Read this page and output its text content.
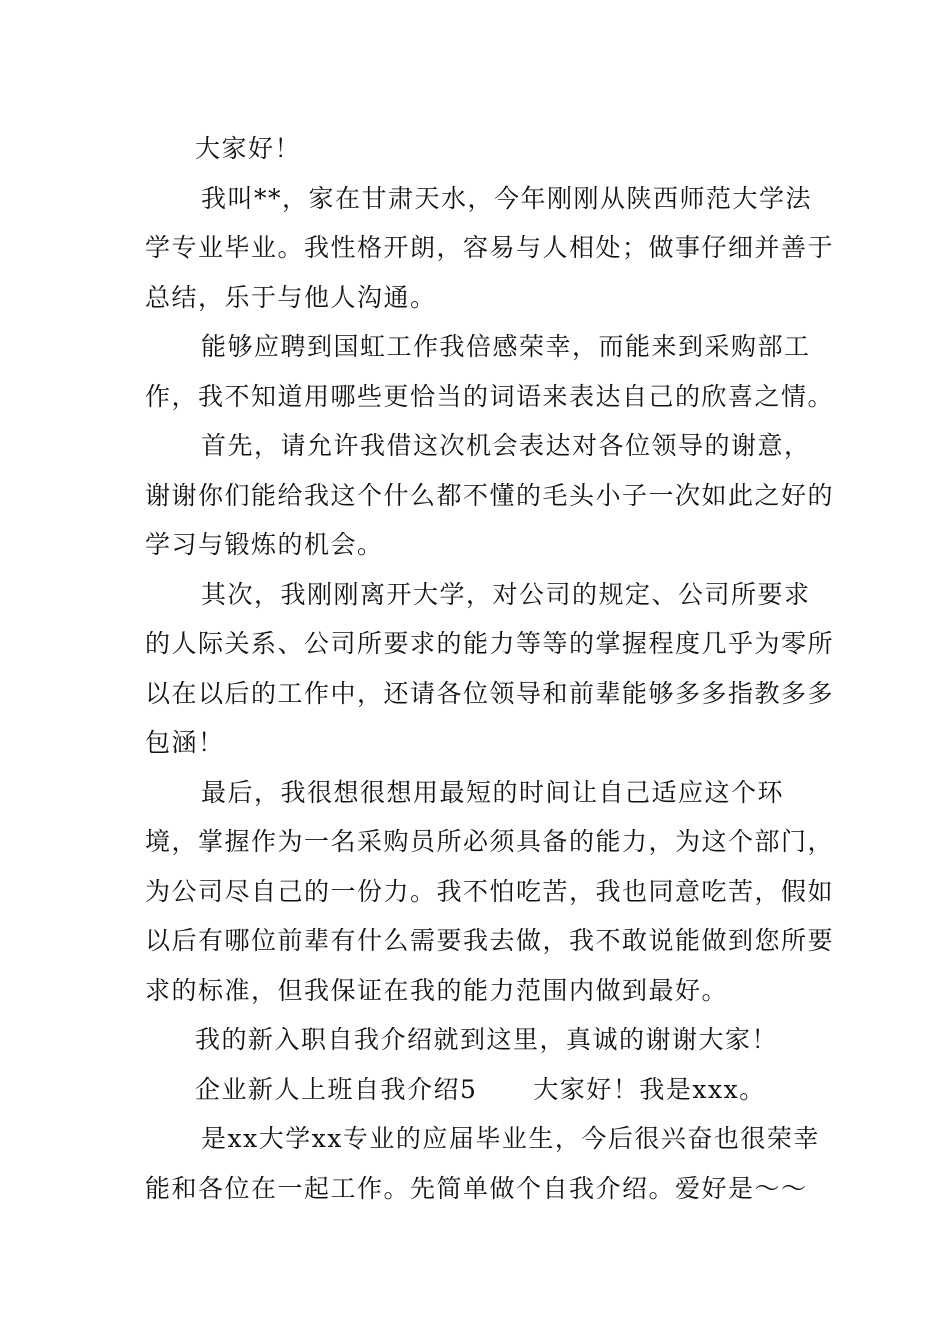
大家好！

我叫**，家在甘肃天水，今年刚刚从陕西师范大学法学专业毕业。我性格开朗，容易与人相处；做事仔细并善于总结，乐于与他人沟通。

能够应聘到国虹工作我倍感荣幸，而能来到采购部工作，我不知道用哪些更恰当的词语来表达自己的欣喜之情。

首先，请允许我借这次机会表达对各位领导的谢意，谢谢你们能给我这个什么都不懂的毛头小子一次如此之好的学习与锻炼的机会。

其次，我刚刚离开大学，对公司的规定、公司所要求的人际关系、公司所要求的能力等等的掌握程度几乎为零所以在以后的工作中，还请各位领导和前辈能够多多指教多多包涵！

最后，我很想很想用最短的时间让自己适应这个环境，掌握作为一名采购员所必须具备的能力，为这个部门，为公司尽自己的一份力。我不怕吃苦，我也同意吃苦，假如以后有哪位前辈有什么需要我去做，我不敢说能做到您所要求的标准，但我保证在我的能力范围内做到最好。

我的新入职自我介绍就到这里，真诚的谢谢大家！

企业新人上班自我介绍5 大家好！我是xxx。

是xx大学xx专业的应届毕业生，今后很兴奋也很荣幸能和各位在一起工作。先简单做个自我介绍。爱好是～～
